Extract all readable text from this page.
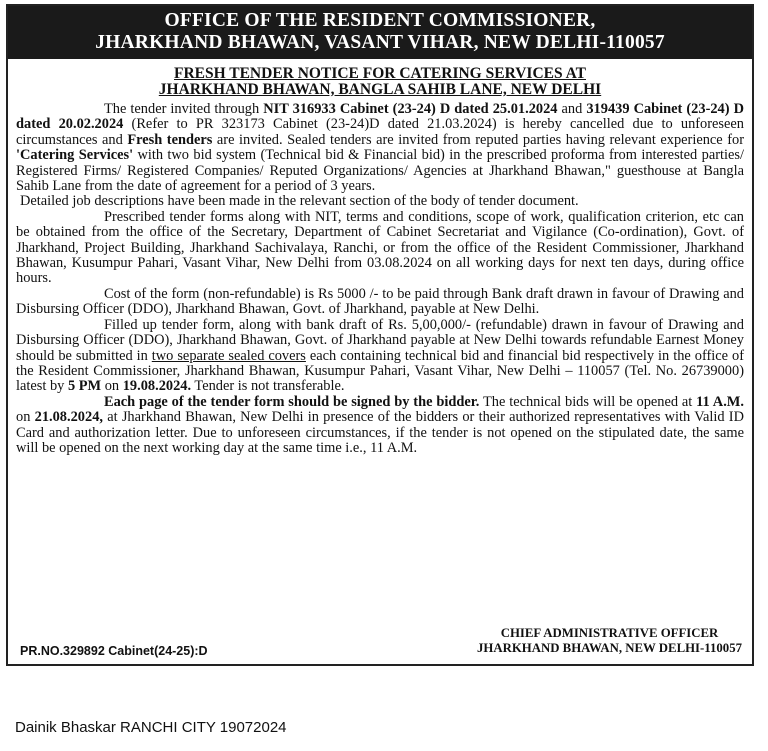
OFFICE OF THE RESIDENT COMMISSIONER,
JHARKHAND BHAWAN, VASANT VIHAR, NEW DELHI-110057
FRESH TENDER NOTICE FOR CATERING SERVICES AT
JHARKHAND BHAWAN, BANGLA SAHIB LANE, NEW DELHI

The tender invited through NIT 316933 Cabinet (23-24) D dated 25.01.2024 and 319439 Cabinet (23-24) D dated 20.02.2024 (Refer to PR 323173 Cabinet (23-24)D dated 21.03.2024) is hereby cancelled due to unforeseen circumstances and Fresh tenders are invited. Sealed tenders are invited from reputed parties having relevant experience for 'Catering Services' with two bid system (Technical bid & Financial bid) in the prescribed proforma from interested parties/ Registered Firms/ Registered Companies/ Reputed Organizations/ Agencies at Jharkhand Bhawan," guesthouse at Bangla Sahib Lane from the date of agreement for a period of 3 years.

Detailed job descriptions have been made in the relevant section of the body of tender document.

Prescribed tender forms along with NIT, terms and conditions, scope of work, qualification criterion, etc can be obtained from the office of the Secretary, Department of Cabinet Secretariat and Vigilance (Co-ordination), Govt. of Jharkhand, Project Building, Jharkhand Sachivalaya, Ranchi, or from the office of the Resident Commissioner, Jharkhand Bhawan, Kusumpur Pahari, Vasant Vihar, New Delhi from 03.08.2024 on all working days for next ten days, during office hours.

Cost of the form (non-refundable) is Rs 5000 /- to be paid through Bank draft drawn in favour of Drawing and Disbursing Officer (DDO), Jharkhand Bhawan, Govt. of Jharkhand, payable at New Delhi.

Filled up tender form, along with bank draft of Rs. 5,00,000/- (refundable) drawn in favour of Drawing and Disbursing Officer (DDO), Jharkhand Bhawan, Govt. of Jharkhand payable at New Delhi towards refundable Earnest Money should be submitted in two separate sealed covers each containing technical bid and financial bid respectively in the office of the Resident Commissioner, Jharkhand Bhawan, Kusumpur Pahari, Vasant Vihar, New Delhi – 110057 (Tel. No. 26739000) latest by 5 PM on 19.08.2024. Tender is not transferable.

Each page of the tender form should be signed by the bidder. The technical bids will be opened at 11 A.M. on 21.08.2024, at Jharkhand Bhawan, New Delhi in presence of the bidders or their authorized representatives with Valid ID Card and authorization letter. Due to unforeseen circumstances, if the tender is not opened on the stipulated date, the same will be opened on the next working day at the same time i.e., 11 A.M.

PR.NO.329892 Cabinet(24-25):D
CHIEF ADMINISTRATIVE OFFICER
JHARKHAND BHAWAN, NEW DELHI-110057
Dainik Bhaskar RANCHI CITY 19072024
